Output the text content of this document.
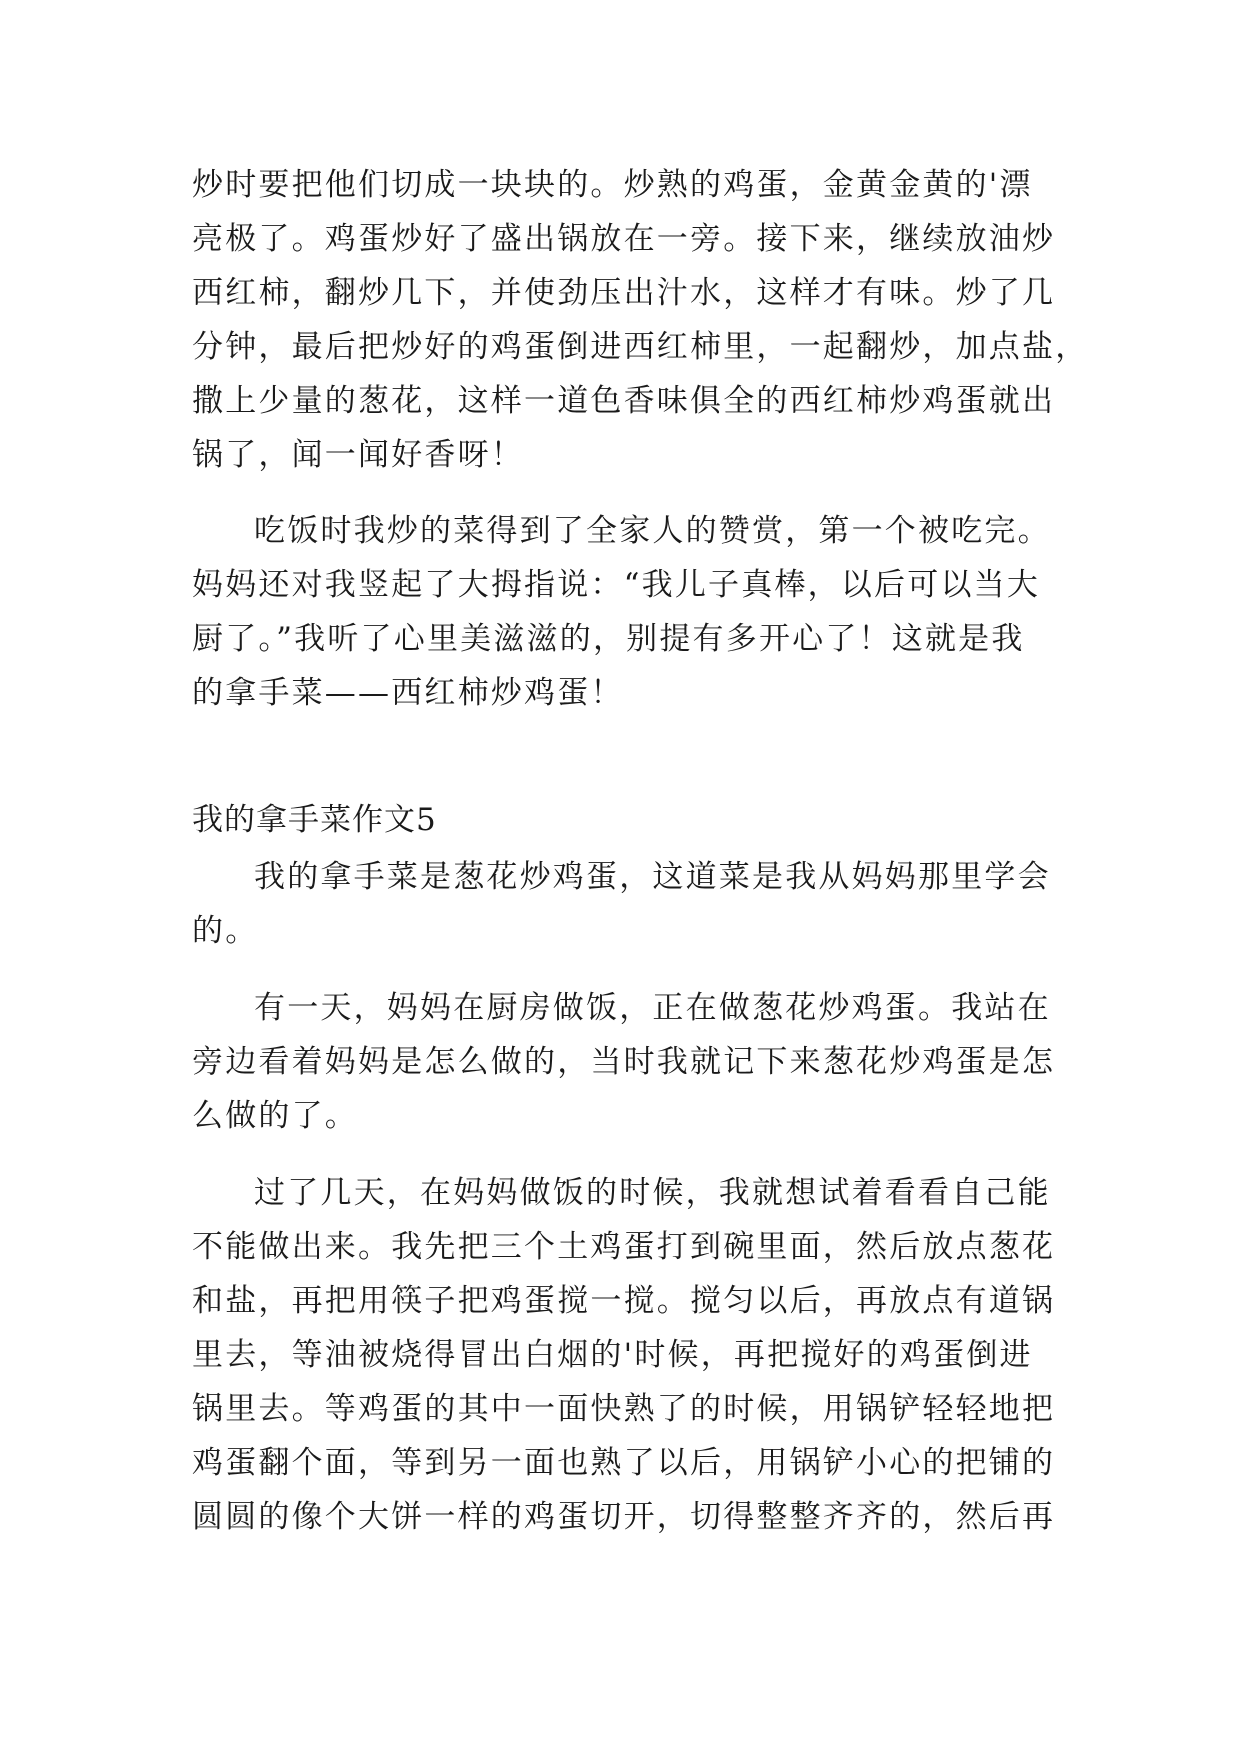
炒时要把他们切成一块块的。炒熟的鸡蛋，金黄金黄的'漂
亮极了。鸡蛋炒好了盛出锅放在一旁。接下来，继续放油炒
西红柿，翻炒几下，并使劲压出汁水，这样才有味。炒了几
分钟，最后把炒好的鸡蛋倒进西红柿里，一起翻炒，加点盐，
撒上少量的葱花，这样一道色香味俱全的西红柿炒鸡蛋就出
锅了，闻一闻好香呀！
吃饭时我炒的菜得到了全家人的赞赏，第一个被吃完。
妈妈还对我竖起了大拇指说：“我儿子真棒，以后可以当大
厨了。”我听了心里美滋滋的，别提有多开心了！这就是我
的拿手菜——西红柿炒鸡蛋！
我的拿手菜作文5
我的拿手菜是葱花炒鸡蛋，这道菜是我从妈妈那里学会
的。
有一天，妈妈在厨房做饭，正在做葱花炒鸡蛋。我站在
旁边看着妈妈是怎么做的，当时我就记下来葱花炒鸡蛋是怎
么做的了。
过了几天，在妈妈做饭的时候，我就想试着看看自己能
不能做出来。我先把三个土鸡蛋打到碗里面，然后放点葱花
和盐，再把用筷子把鸡蛋搅一搅。搅匀以后，再放点有道锅
里去，等油被烧得冒出白烟的'时候，再把搅好的鸡蛋倒进
锅里去。等鸡蛋的其中一面快熟了的时候，用锅铲轻轻地把
鸡蛋翻个面，等到另一面也熟了以后，用锅铲小心的把铺的
圆圆的像个大饼一样的鸡蛋切开，切得整整齐齐的，然后再
